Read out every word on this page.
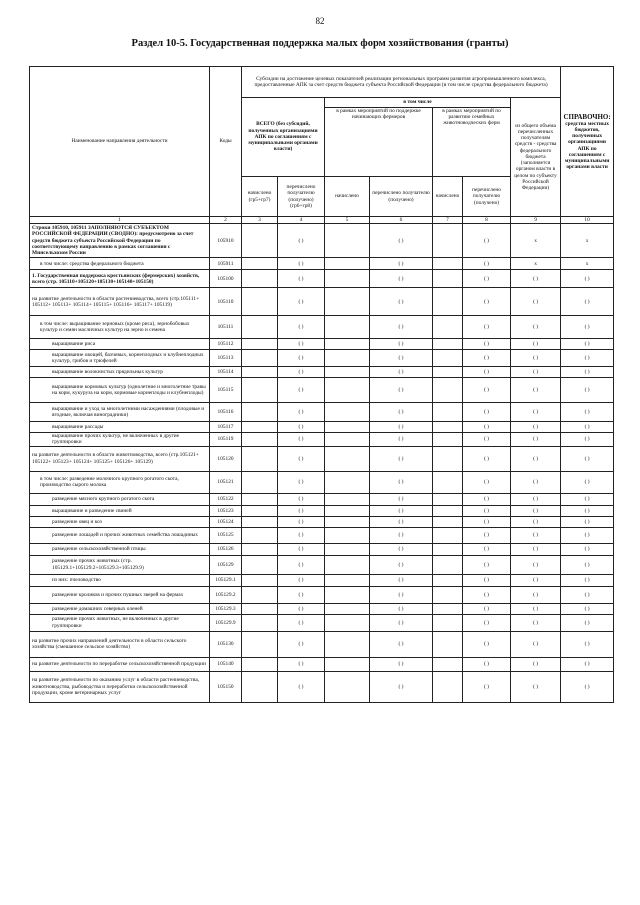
82
Раздел 10-5. Государственная поддержка малых форм хозяйствования (гранты)
Наименование направления деятельности	Коды	Субсидии на достижение целевых показателей реализации региональных программ развития агропромышленного комплекса, предоставленные АПК за счет средств бюджета субъекта Российской Федерации (в том числе средства федерального бюджета)							СПРАВОЧНО:
средства местных бюджетов, полученных организациями АПК по соглашениям с муниципальными органами власти

		ВСЕГО (без субсидий, полученных организациями АПК по соглашениям с муниципальными органами власти)		в том числе				из общего объема перечисленных получателям средств - средства федерального бюджета (заполняется органом власти в целом по субъекту Российской Федерации)	
				в рамках мероприятий по поддержке начинающих фермеров		в рамках мероприятий по развитию семейных животноводческих ферм			
		начислено (гр5+гр7)	перечислено получателю (получено) (гр6+гр8)	начислено	перечислено получателю (получено)	начислено	перечислено получателю (получено)		
1	2	3	4	5	6	7	8	9	10
Строки 105910, 105911 ЗАПОЛНЯЮТСЯ СУБЪЕКТОМ РОССИЙСКОЙ ФЕДЕРАЦИИ (СВОДНО): предусмотрено за счет средств бюджета субъекта Российской Федерации по соответствующему направлению в рамках соглашения с Минсельхозом России	105910		( )		( )		( )	х	х
в том числе: средства федерального бюджета	105911		( )		( )		( )	х	х
1. Государственная поддержка крестьянских (фермерских) хозяйств, всего (стр. 105110+105120+105130+105140+105150)	105100		( )		( )		( )	( )	( )
на развитие деятельности в области растениеводства, всего (стр.105111+ 105112+ 105113+ 105114+ 105115+ 105116+ 105117+ 105119)	105110		( )		( )		( )	( )	( )
в том числе: выращивание зерновых (кроме риса), зернобобовых культур и семян масличных культур на зерно и семена	105111		( )		( )		( )	( )	( )
выращивание риса	105112		( )		( )		( )	( )	( )
выращивание овощей, бахчевых, корнеплодных и клубнеплодных культур, грибов и трюфелей	105113		( )		( )		( )	( )	( )
выращивание волокнистых прядильных культур	105114		( )		( )		( )	( )	( )
выращивание кормовых культур (однолетние и многолетние травы на корм, кукуруза на корм, кормовые корнеплоды и клубнеплоды)	105115		( )		( )		( )	( )	( )
выращивание и уход за многолетними насаждениями (плодовые и ягодные, включая виноградники)	105116		( )		( )		( )	( )	( )
выращивание рассады	105117		( )		( )		( )	( )	( )
выращивание прочих культур, не включенных в другие группировки	105119		( )		( )		( )	( )	( )
на развитие деятельности в области животноводства, всего (стр.105121+ 105122+ 105123+ 105124+ 105125+ 105126+ 105129)	105120		( )		( )		( )	( )	( )
в том числе: разведение молочного крупного рогатого скота, производство сырого молока	105121		( )		( )		( )	( )	( )
разведение мясного крупного рогатого скота	105122		( )		( )		( )	( )	( )
выращивание и разведение свиней	105123		( )		( )		( )	( )	( )
разведение овец и коз	105124		( )		( )		( )	( )	( )
разведение лошадей и прочих животных семейства лошадиных	105125		( )		( )		( )	( )	( )
разведение сельскохозяйственной птицы	105126		( )		( )		( )	( )	( )
разведение прочих животных (стр. 105129.1+105129.2+105129.3+105129.9)	105129		( )		( )		( )	( )	( )
из них: пчеловодство	105129.1		( )		( )		( )	( )	( )
разведение кроликов и прочих пушных зверей на фермах	105129.2		( )		( )		( )	( )	( )
разведение домашних северных оленей	105129.3		( )		( )		( )	( )	( )
разведение прочих животных, не включенных в другие группировки	105129.9		( )		( )		( )	( )	( )
на развитие прочих направлений деятельности в области сельского хозяйства (смешанное сельское хозяйство)	105130		( )		( )		( )	( )	( )
на развитие деятельности по переработке сельскохозяйственной продукции	105140		( )		( )		( )	( )	( )
на развитие деятельности по оказанию услуг в области растениеводства, животноводства, рыбоводства и переработки сельскохозяйственной продукции, кроме ветеринарных услуг	105150		( )		( )		( )	( )	( )
